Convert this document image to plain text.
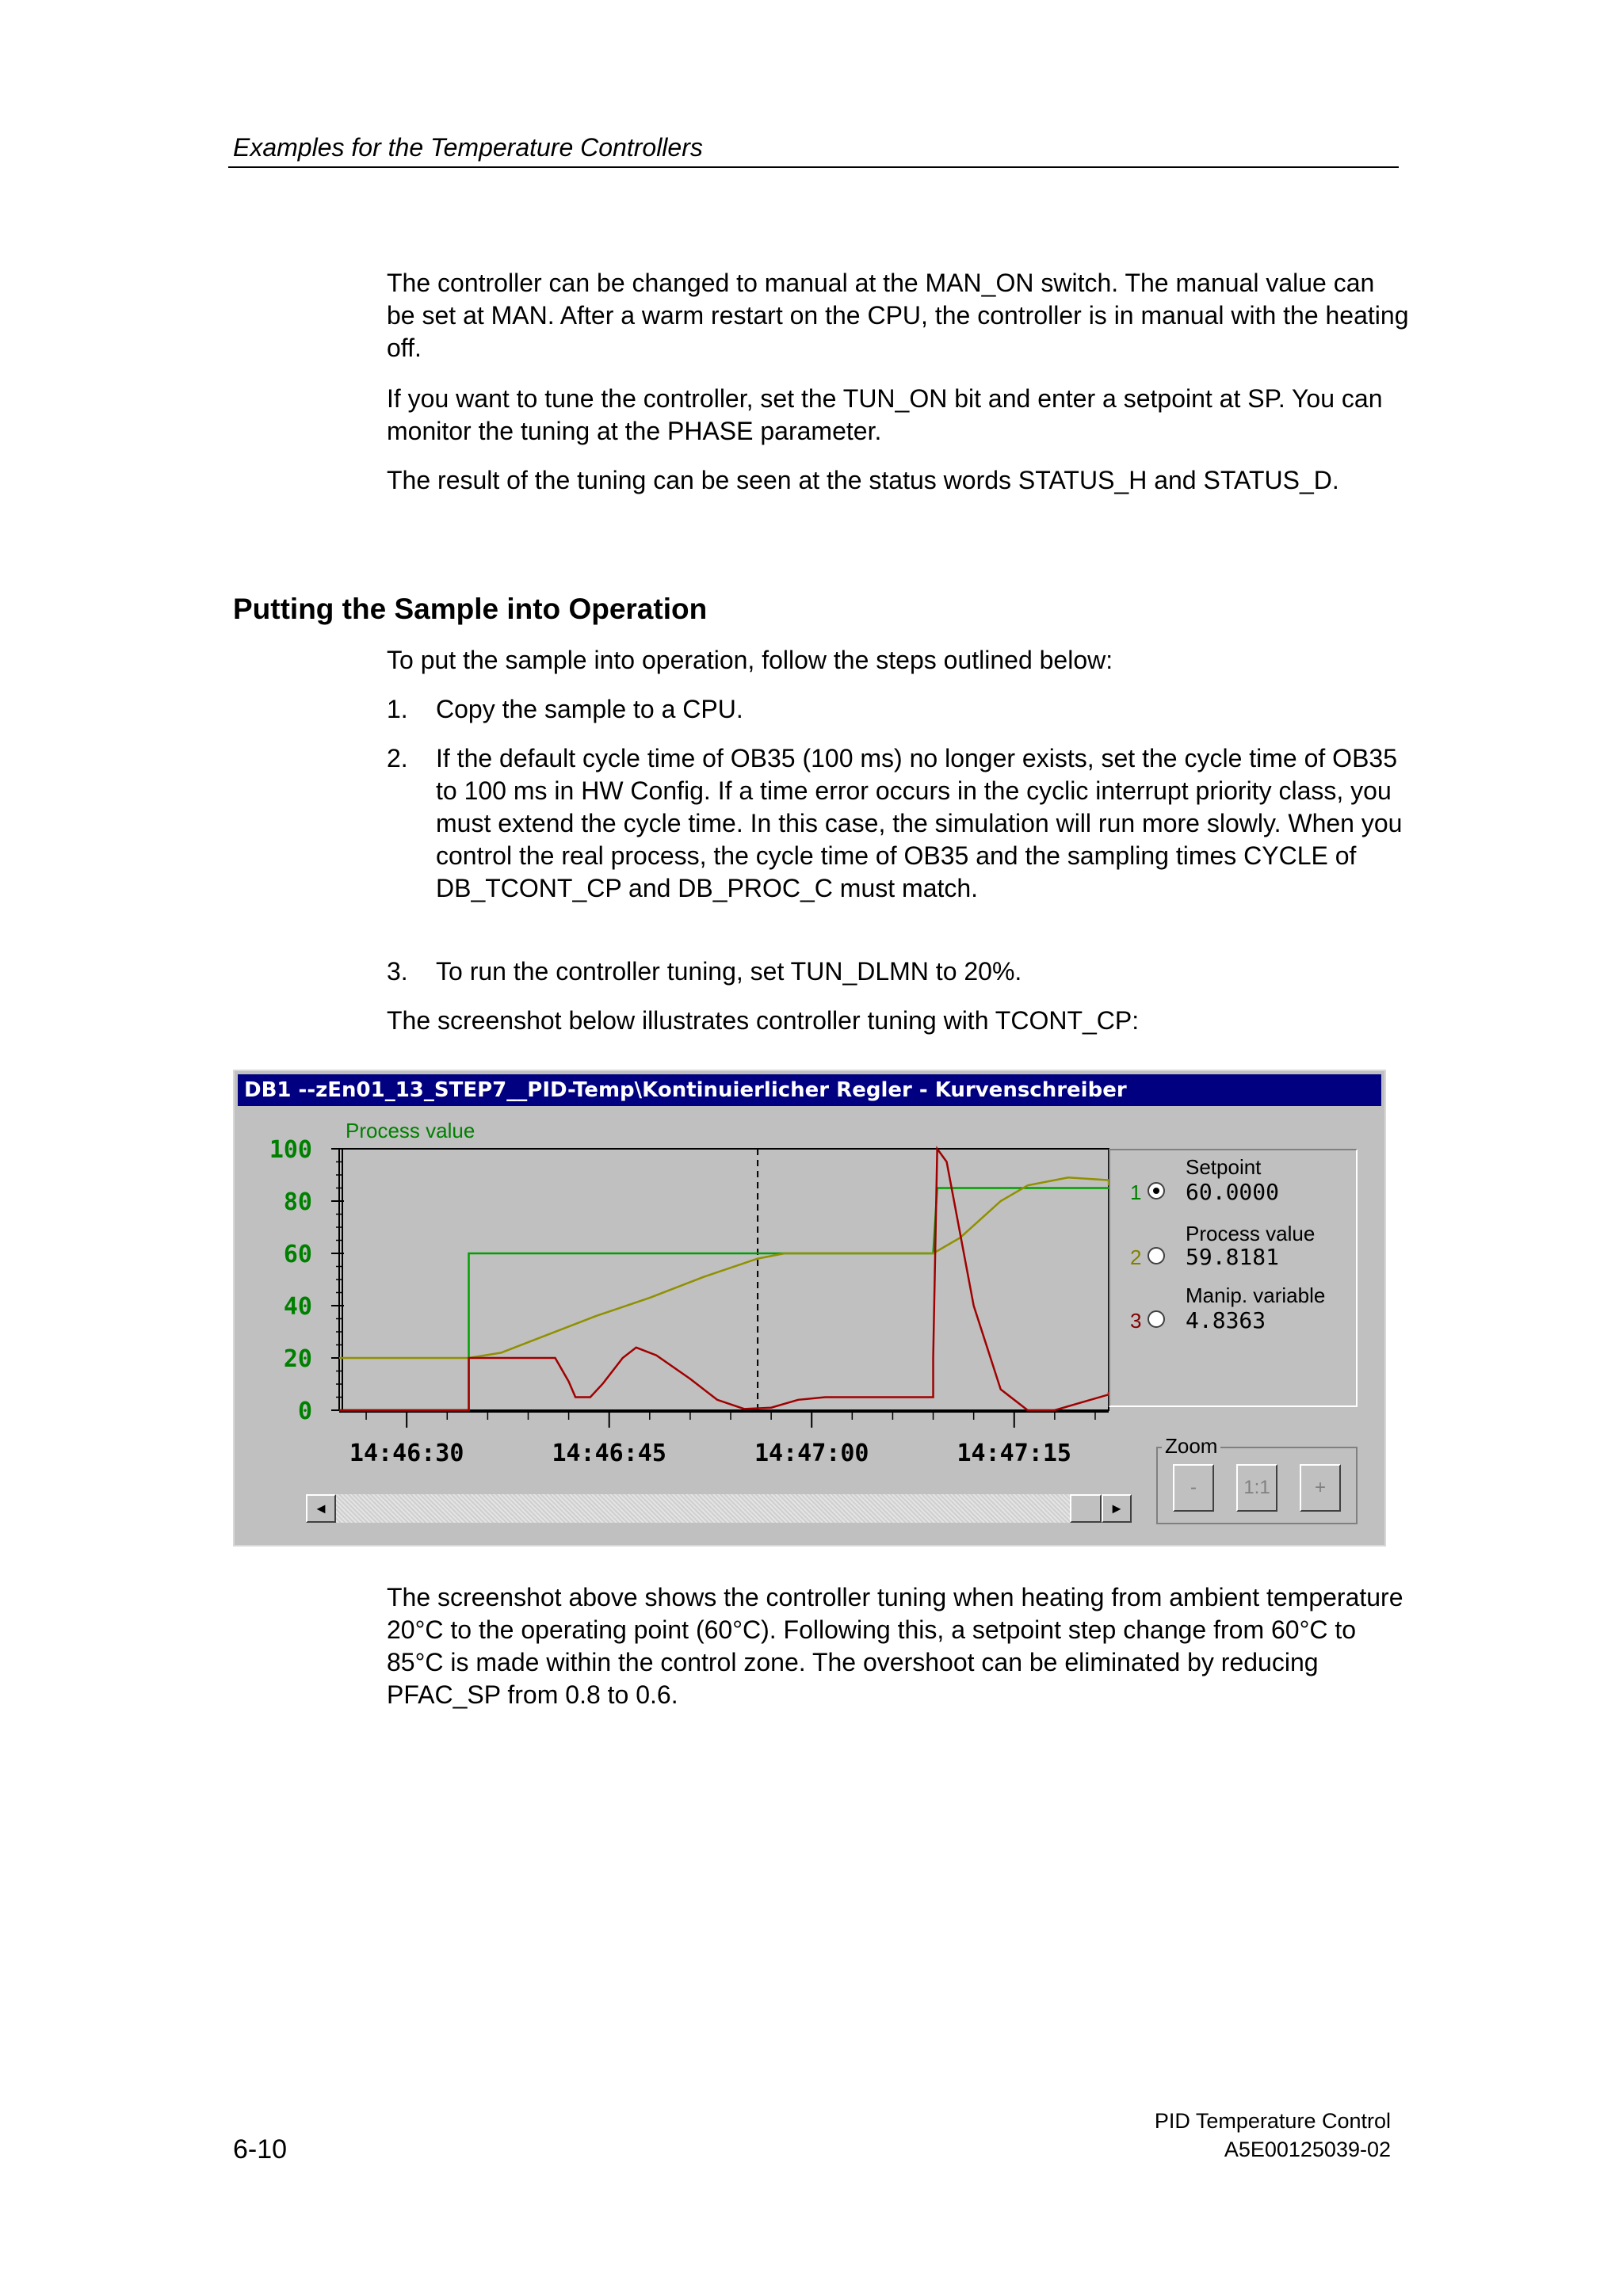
Examples for the Temperature Controllers

The controller can be changed to manual at the MAN_ON switch. The manual value can be set at MAN. After a warm restart on the CPU, the controller is in manual with the heating off.

If you want to tune the controller, set the TUN_ON bit and enter a setpoint at SP. You can monitor the tuning at the PHASE parameter.

The result of the tuning can be seen at the status words STATUS_H and STATUS_D.

Putting the Sample into Operation
To put the sample into operation, follow the steps outlined below:
1. Copy the sample to a CPU.
2. If the default cycle time of OB35 (100 ms) no longer exists, set the cycle time of OB35 to 100 ms in HW Config. If a time error occurs in the cyclic interrupt priority class, you must extend the cycle time. In this case, the simulation will run more slowly. When you control the real process, the cycle time of OB35 and the sampling times CYCLE of DB_TCONT_CP and DB_PROC_C must match.
3. To run the controller tuning, set TUN_DLMN to 20%.
The screenshot below illustrates controller tuning with TCONT_CP:
DB1 --zEn01_13_STEP7__PID-Temp\Kontinuierlicher Regler - Kurvenschreiber
Process value
100
80
60
40
20
0
14:46:30	14:46:45	14:47:00	14:47:15
Setpoint
1 60.0000
Process value
2 59.8181
Manip. variable
3 4.8363
Zoom
-	1:1	+
◄	►
The screenshot above shows the controller tuning when heating from ambient temperature 20°C to the operating point (60°C). Following this, a setpoint step change from 60°C to 85°C is made within the control zone. The overshoot can be eliminated by reducing PFAC_SP from 0.8 to 0.6.
6-10
PID Temperature Control
A5E00125039-02
